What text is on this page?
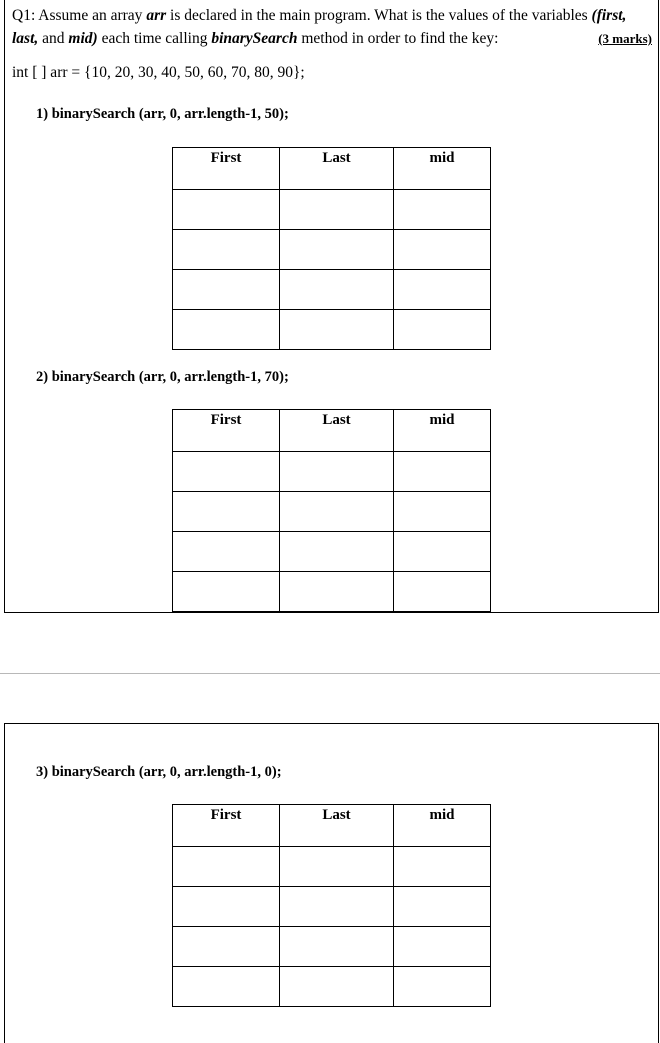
Q1: Assume an array arr is declared in the main program. What is the values of the variables (first,
last, and mid) each time calling binarySearch method in order to find the key:	(3 marks)
int [ ] arr = {10, 20, 30, 40, 50, 60, 70, 80, 90};
1) binarySearch (arr, 0, arr.length-1, 50);
First	Last	mid

2) binarySearch (arr, 0, arr.length-1, 70);
First	Last	mid

3) binarySearch (arr, 0, arr.length-1, 0);
First	Last	mid
